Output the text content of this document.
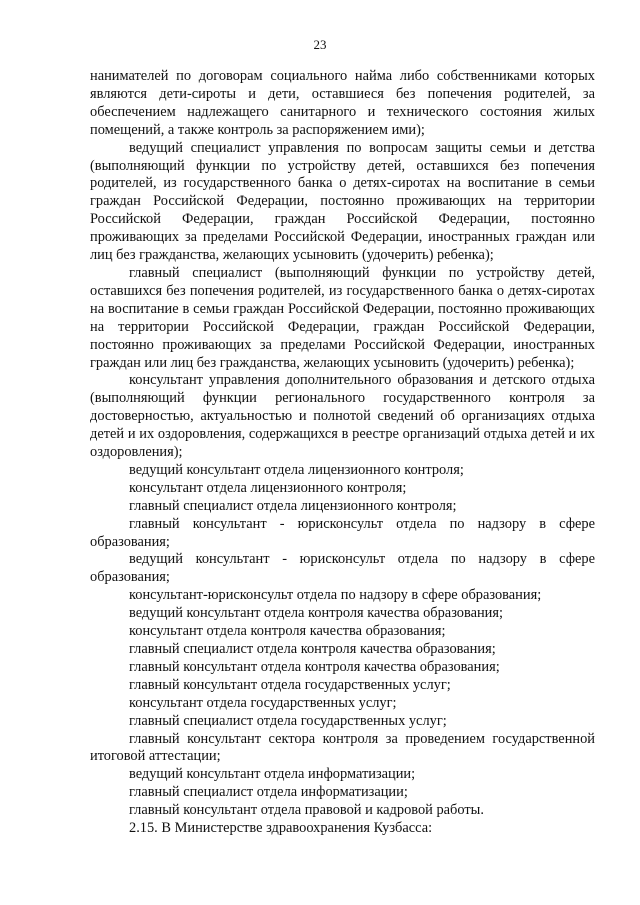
23

нанимателей по договорам социального найма либо собственниками которых являются дети-сироты и дети, оставшиеся без попечения родителей, за обеспечением надлежащего санитарного и технического состояния жилых помещений, а также контроль за распоряжением ими);

ведущий специалист управления по вопросам защиты семьи и детства (выполняющий функции по устройству детей, оставшихся без попечения родителей, из государственного банка о детях-сиротах на воспитание в семьи граждан Российской Федерации, постоянно проживающих на территории Российской Федерации, граждан Российской Федерации, постоянно проживающих за пределами Российской Федерации, иностранных граждан или лиц без гражданства, желающих усыновить (удочерить) ребенка);

главный специалист (выполняющий функции по устройству детей, оставшихся без попечения родителей, из государственного банка о детях-сиротах на воспитание в семьи граждан Российской Федерации, постоянно проживающих на территории Российской Федерации, граждан Российской Федерации, постоянно проживающих за пределами Российской Федерации, иностранных граждан или лиц без гражданства, желающих усыновить (удочерить) ребенка);

консультант управления дополнительного образования и детского отдыха (выполняющий функции регионального государственного контроля за достоверностью, актуальностью и полнотой сведений об организациях отдыха детей и их оздоровления, содержащихся в реестре организаций отдыха детей и их оздоровления);

ведущий консультант отдела лицензионного контроля;

консультант отдела лицензионного контроля;

главный специалист отдела лицензионного контроля;

главный консультант - юрисконсульт отдела по надзору в сфере образования;

ведущий консультант - юрисконсульт отдела по надзору в сфере образования;

консультант-юрисконсульт отдела по надзору в сфере образования;

ведущий консультант отдела контроля качества образования;

консультант отдела контроля качества образования;

главный специалист отдела контроля качества образования;

главный консультант отдела контроля качества образования;

главный консультант отдела государственных услуг;

консультант отдела государственных услуг;

главный специалист отдела государственных услуг;

главный консультант сектора контроля за проведением государственной итоговой аттестации;

ведущий консультант отдела информатизации;

главный специалист отдела информатизации;

главный консультант отдела правовой и кадровой работы.

2.15. В Министерстве здравоохранения Кузбасса:
